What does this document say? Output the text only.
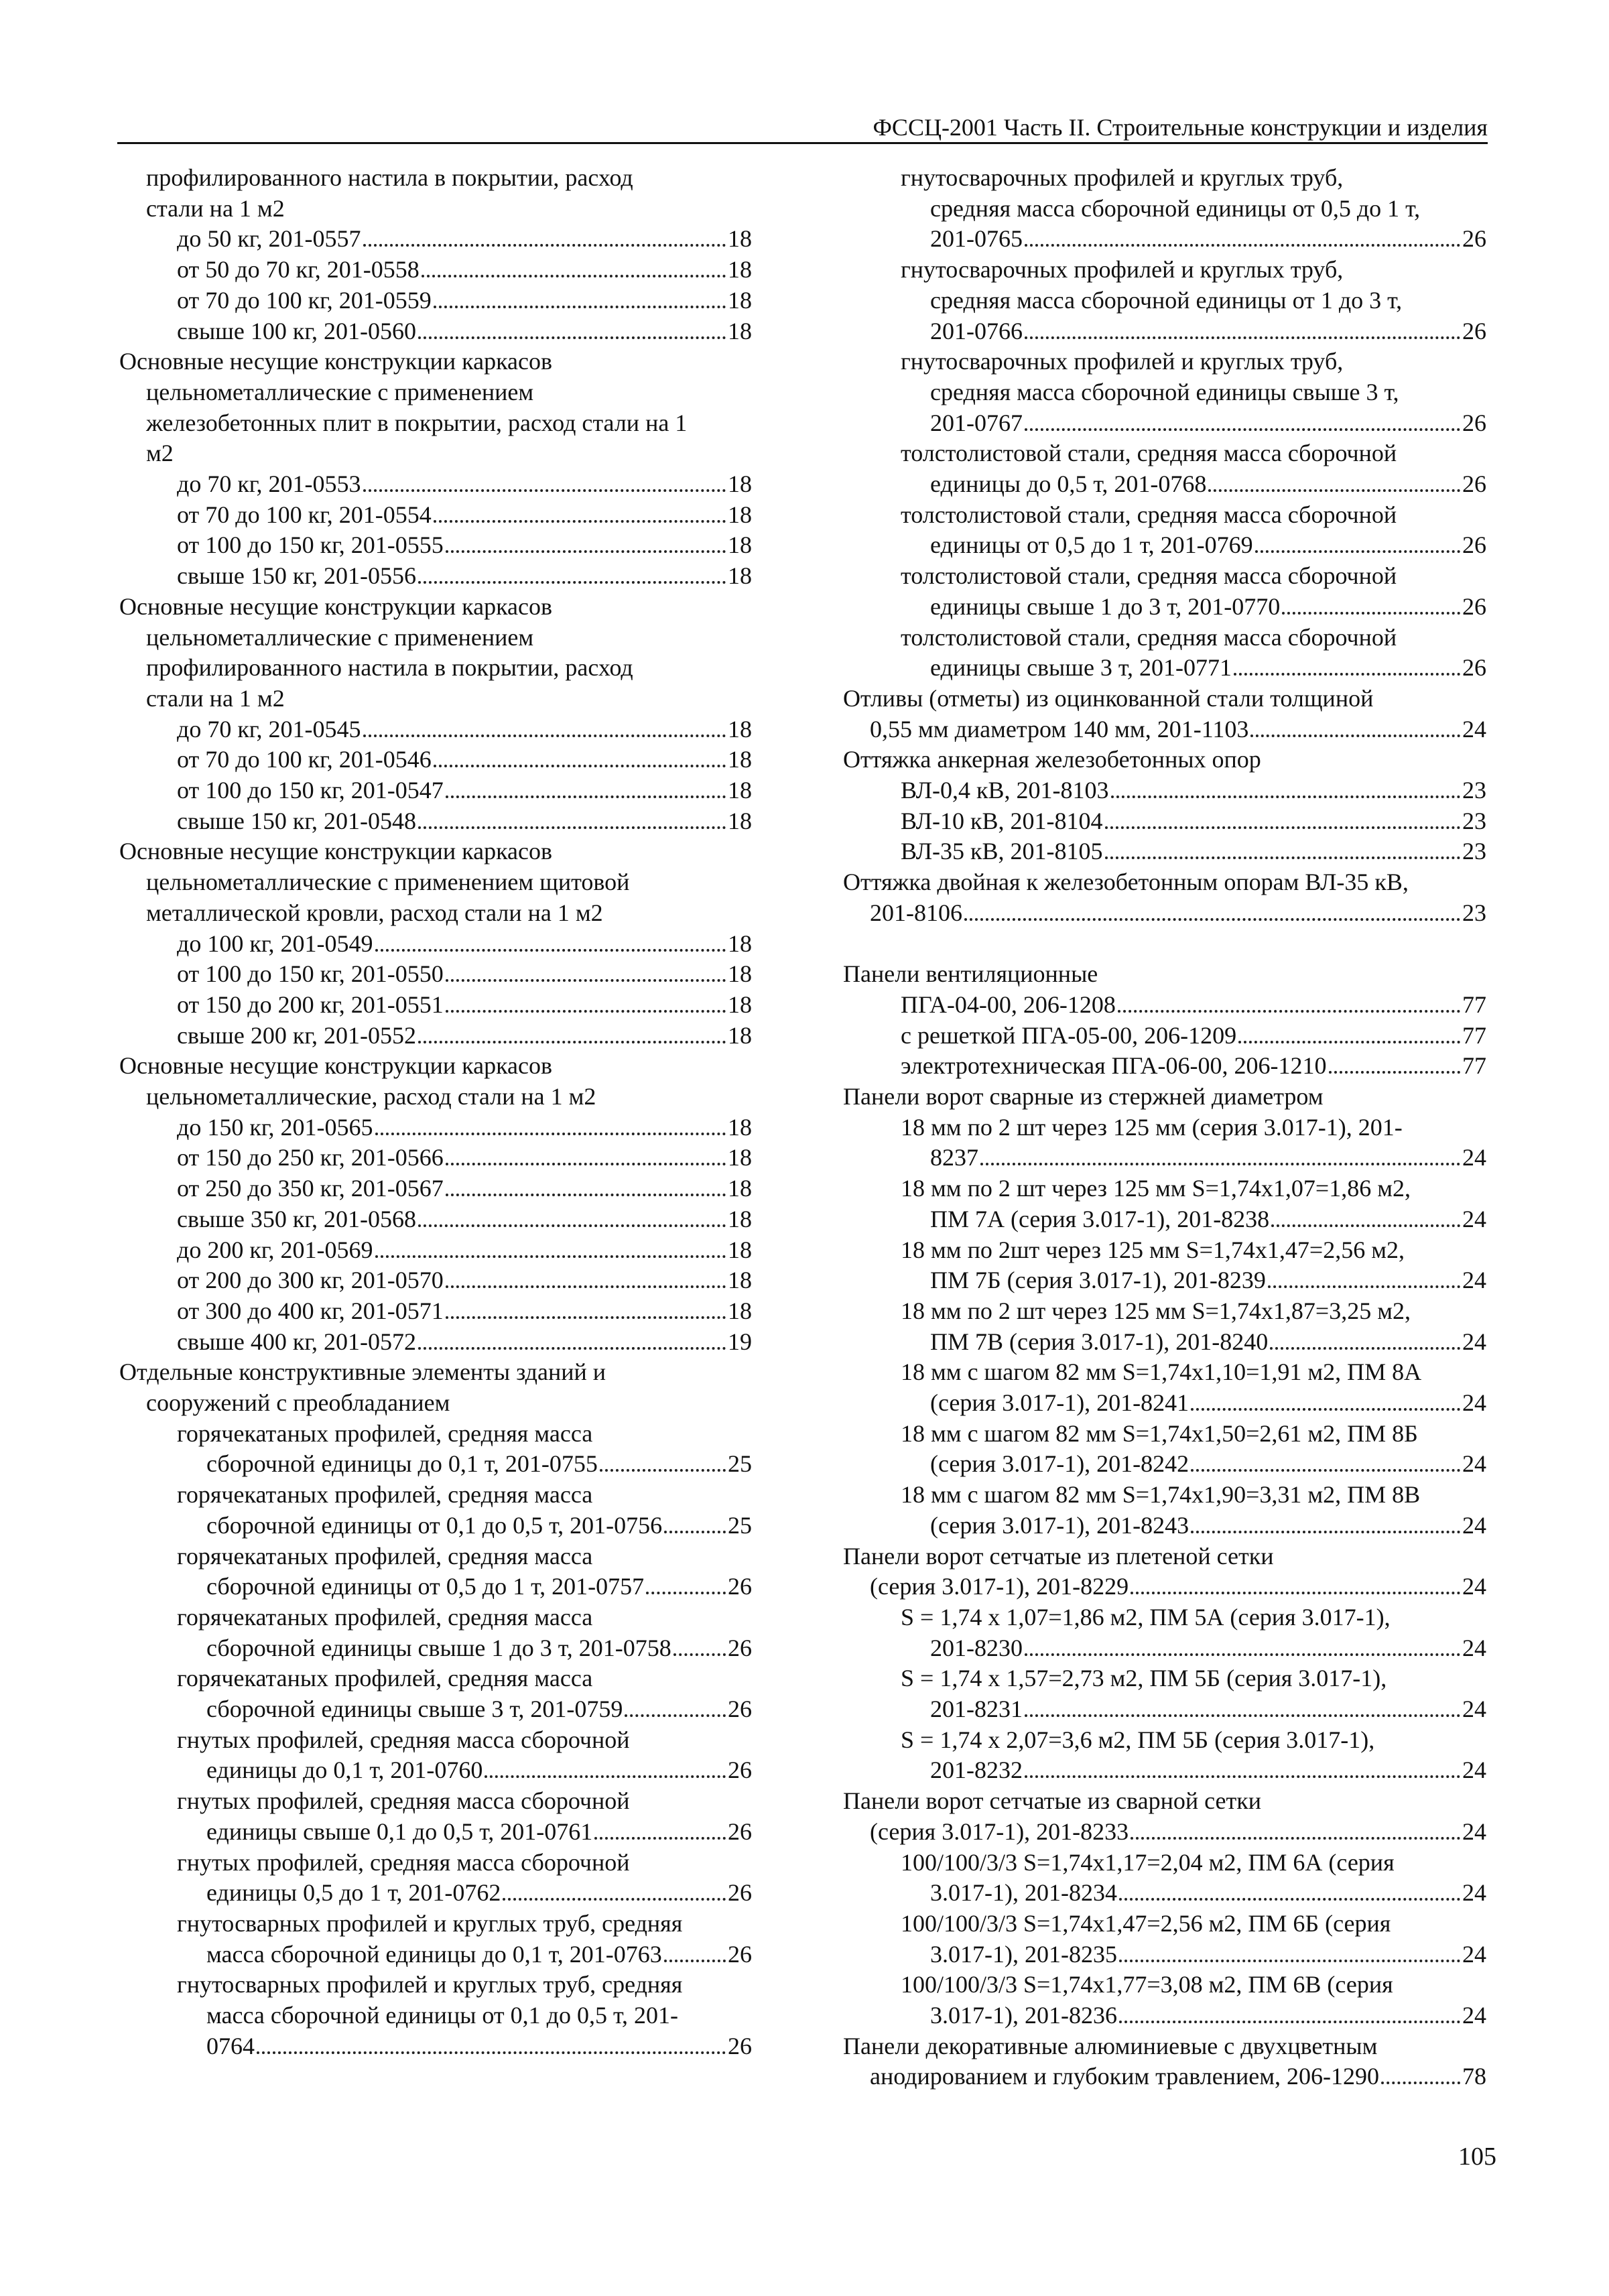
ФССЦ-2001 Часть II. Строительные конструкции и изделия
профилированного настила в покрытии, расход
стали на 1 м2
до 50 кг, 201-0557	18
от 50 до 70 кг, 201-0558	18
от 70 до 100 кг, 201-0559	18
свыше 100 кг, 201-0560	18
Основные несущие конструкции каркасов
цельнометаллические с применением
железобетонных плит в покрытии, расход стали на 1
м2
до 70 кг, 201-0553	18
от 70 до 100 кг, 201-0554	18
от 100 до 150 кг, 201-0555	18
свыше 150 кг, 201-0556	18
Основные несущие конструкции каркасов
цельнометаллические с применением
профилированного настила в покрытии, расход
стали на 1 м2
до 70 кг, 201-0545	18
от 70 до 100 кг, 201-0546	18
от 100 до 150 кг, 201-0547	18
свыше 150 кг, 201-0548	18
Основные несущие конструкции каркасов
цельнометаллические с применением щитовой
металлической кровли, расход стали на 1 м2
до 100 кг, 201-0549	18
от 100 до 150 кг, 201-0550	18
от 150 до 200 кг, 201-0551	18
свыше 200 кг, 201-0552	18
Основные несущие конструкции каркасов
цельнометаллические, расход стали на 1 м2
до 150 кг, 201-0565	18
от 150 до 250 кг, 201-0566	18
от 250 до 350 кг, 201-0567	18
свыше 350 кг, 201-0568	18
до 200 кг, 201-0569	18
от 200 до 300 кг, 201-0570	18
от 300 до 400 кг, 201-0571	18
свыше 400 кг, 201-0572	19
Отдельные конструктивные элементы зданий и
сооружений с преобладанием
горячекатаных профилей, средняя масса
сборочной единицы до 0,1 т, 201-0755	25
горячекатаных профилей, средняя масса
сборочной единицы от 0,1 до 0,5 т, 201-0756	25
горячекатаных профилей, средняя масса
сборочной единицы от 0,5 до 1 т, 201-0757	26
горячекатаных профилей, средняя масса
сборочной единицы свыше 1 до 3 т, 201-0758 26
горячекатаных профилей, средняя масса
сборочной единицы свыше 3 т, 201-0759	26
гнутых профилей, средняя масса сборочной
единицы до 0,1 т, 201-0760	26
гнутых профилей, средняя масса сборочной
единицы свыше 0,1 до 0,5 т, 201-0761	26
гнутых профилей, средняя масса сборочной
единицы 0,5 до 1 т, 201-0762	26
гнутосварных профилей и круглых труб, средняя
масса сборочной единицы до 0,1 т, 201-0763	26
гнутосварных профилей и круглых труб, средняя
масса сборочной единицы от 0,1 до 0,5 т, 201-
0764	26
гнутосварочных профилей и круглых труб,
средняя масса сборочной единицы от 0,5 до 1 т,
201-0765	26
гнутосварочных профилей и круглых труб,
средняя масса сборочной единицы от 1 до 3 т,
201-0766	26
гнутосварочных профилей и круглых труб,
средняя масса сборочной единицы свыше 3 т,
201-0767	26
толстолистовой стали, средняя масса сборочной
единицы до 0,5 т, 201-0768	26
толстолистовой стали, средняя масса сборочной
единицы от 0,5 до 1 т, 201-0769	26
толстолистовой стали, средняя масса сборочной
единицы свыше 1 до 3 т, 201-0770	26
толстолистовой стали, средняя масса сборочной
единицы свыше 3 т, 201-0771	26
Отливы (отметы) из оцинкованной стали толщиной
0,55 мм диаметром 140 мм, 201-1103	24
Оттяжка анкерная железобетонных опор
ВЛ-0,4 кВ, 201-8103	23
ВЛ-10 кВ, 201-8104	23
ВЛ-35 кВ, 201-8105	23
Оттяжка двойная к железобетонным опорам ВЛ-35 кВ,
201-8106	23
Панели вентиляционные
ПГА-04-00, 206-1208	77
с решеткой ПГА-05-00, 206-1209	77
электротехническая ПГА-06-00, 206-1210	77
Панели ворот сварные из стержней диаметром
18 мм по 2 шт через 125 мм (серия 3.017-1), 201-
8237	24
18 мм по 2 шт через 125 мм S=1,74x1,07=1,86 м2,
ПМ 7А (серия 3.017-1), 201-8238	24
18 мм по 2шт через 125 мм S=1,74x1,47=2,56 м2,
ПМ 7Б (серия 3.017-1), 201-8239	24
18 мм по 2 шт через 125 мм S=1,74x1,87=3,25 м2,
ПМ 7В (серия 3.017-1), 201-8240	24
18 мм с шагом 82 мм S=1,74x1,10=1,91 м2, ПМ 8А
(серия 3.017-1), 201-8241	24
18 мм с шагом 82 мм S=1,74x1,50=2,61 м2, ПМ 8Б
(серия 3.017-1), 201-8242	24
18 мм с шагом 82 мм S=1,74x1,90=3,31 м2, ПМ 8В
(серия 3.017-1), 201-8243	24
Панели ворот сетчатые из плетеной сетки
(серия 3.017-1), 201-8229	24
S = 1,74 x 1,07=1,86 м2, ПМ 5А (серия 3.017-1),
201-8230	24
S = 1,74 x 1,57=2,73 м2, ПМ 5Б (серия 3.017-1),
201-8231	24
S = 1,74 x 2,07=3,6 м2, ПМ 5Б (серия 3.017-1),
201-8232	24
Панели ворот сетчатые из сварной сетки
(серия 3.017-1), 201-8233	24
100/100/3/3 S=1,74x1,17=2,04 м2, ПМ 6А (серия
3.017-1), 201-8234	24
100/100/3/3 S=1,74x1,47=2,56 м2, ПМ 6Б (серия
3.017-1), 201-8235	24
100/100/3/3 S=1,74x1,77=3,08 м2, ПМ 6В (серия
3.017-1), 201-8236	24
Панели декоративные алюминиевые с двухцветным
анодированием и глубоким травлением, 206-1290	78
105
